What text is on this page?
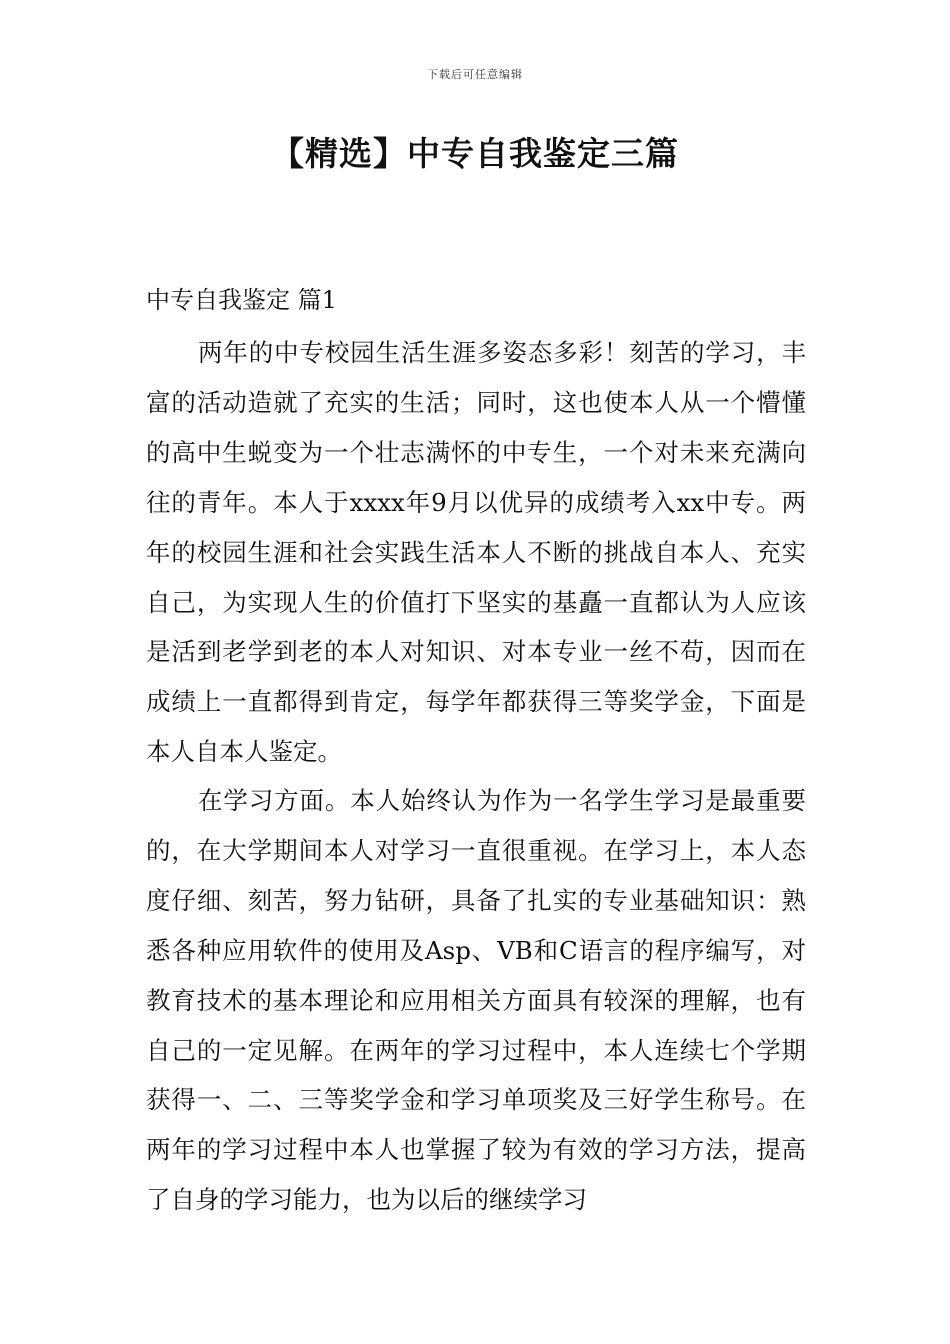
下载后可任意编辑
【精选】中专自我鉴定三篇
中专自我鉴定 篇1

两年的中专校园生活生涯多姿态多彩！刻苦的学习，丰富的活动造就了充实的生活；同时，这也使本人从一个懵懂的高中生蜕变为一个壮志满怀的中专生，一个对未来充满向往的青年。本人于xxxx年9月以优异的成绩考入xx中专。两年的校园生涯和社会实践生活本人不断的挑战自本人、充实自己，为实现人生的价值打下坚实的基矗一直都认为人应该是活到老学到老的本人对知识、对本专业一丝不苟，因而在成绩上一直都得到肯定，每学年都获得三等奖学金，下面是本人自本人鉴定。

在学习方面。本人始终认为作为一名学生学习是最重要的，在大学期间本人对学习一直很重视。在学习上，本人态度仔细、刻苦，努力钻研，具备了扎实的专业基础知识：熟悉各种应用软件的使用及Asp、VB和C语言的程序编写，对教育技术的基本理论和应用相关方面具有较深的理解，也有自己的一定见解。在两年的学习过程中，本人连续七个学期获得一、二、三等奖学金和学习单项奖及三好学生称号。在两年的学习过程中本人也掌握了较为有效的学习方法，提高了自身的学习能力，也为以后的继续学习
